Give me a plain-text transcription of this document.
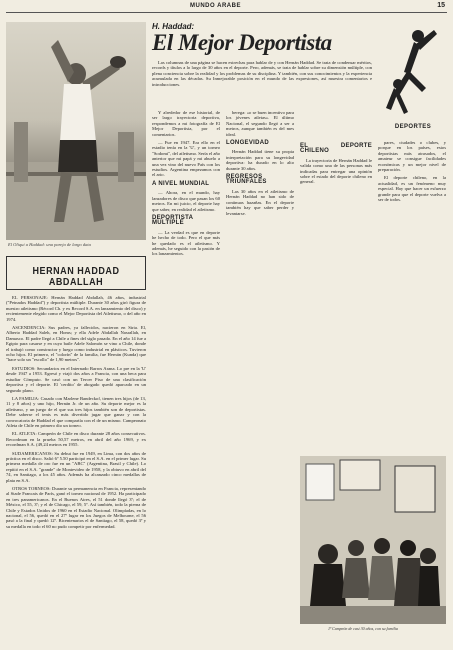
MUNDO ARABE	15
El Oliqui a Haddad: una pareja de largo data
H. Haddad:
El Mejor Deportista
DEPORTES
HERNAN HADDAD ABDALLAH

EL PERSONAJE: Hernán Haddad Abdallah, 46 años, industrial ("Peinados Haddad") y deportista múltiple. Durante 30 años giró figura de nuestro atletismo (Récord Ch. y ex Record S.A. en lanzamiento del disco) y recientemente elegido como el Mejor Deportista del Atletismo, o del año en 1974.

ASCENDENCIA: Sus padres, ya fallecidos, nacieron en Siria. El, Alberto Haddad Saleh, en Homs; y ella Adele Abdallah Nasrallah, en Damasco. El padre llegó a Chile a fines del siglo pasado. En el año 14 fue a Egipto para casarse y en cuyo baile Adele Salomón se vino a Chile, donde el trabajó como constructor y luego como industrial en plásticos. Tuvieron ocho hijos. El primero, el "colorín" de la familia, fue Hernán (Kunda) que "hace solo un "escollo" de 1,90 metros".

ESTUDIOS: Secundarios en el Internado Barros Arana. Lo pre en la 'U' desde 1947 a 1953. Egresó y viajó dos años a Francia, con una beca para estudiar Cómputo. Se casó con un Tercer Piso de una clasificación deportiva y el deporte. El 'cerdito' de abogado quedó aparcado en un segundo plano.

LA FAMILIA: Casado con Marlene Bandeckof, tienen tres hijos (de 13, 11 y 8 años) y uno hijo, Hernán Jr. de un año. Su deporte mejor es la atletismo, y un juego de el que sus tres hijos también son de deportistas. Debe saberse el tenis es más divertido jugar que ganar y con la convocatoria de Haddad el que compartía con el de un mismo. Campeonato Atleta de Chile en primero dio un torneo.

EL ATLETA: Campeón de Chile en disco durante 28 años consecutivos. Recordman en la prueba 50,57 metros, en abril del año 1969, y ex recordman S.A. (49,24 metros en 1955.

SUDAMERICANOS: Su debut fue en 1949, en Lima, con dos años de práctica en el disco. Salió 6º 5.50 participó en el S.A. en el primer lugar. Su primera medalla de oro fue en un "ABC" (Argentina, Brasil y Chile). Lo repitió en el S.A. "grande" de Montevideo de 1958, y la obtuvo en abril del 74, en Santiago, a los 45 años. Además ha alcanzado cinco medallas de plata en S.A.

OTROS TORNEOS: Durante su permanencia en Francia, representando al Stade Francais de París, ganó el torneo nacional de 1952. Ha participado en tres panamericanos. En el Buenos Aires, el 51 donde llegó 3º; el de México, el 55, 3º; y el de Chicago, el 59, 5º. Así también, todo la pierna de Chile y Estados Unidos de 1960 en el Estadio Nacional. Olimpíadas, en lo nacional, el 56, quedó en el 27º lugar en los Juegos de Melbourne, el 56 pasó a la final y quedó 12º. Bicentenarios el de Santiago, el 58, quedó 3º y su medalla en todo el 60 no pudo competir por enfermedad.

Las columnas de una página se hacen estrechas para hablar de y con Hernán Haddad. Se trata de condensar méritos, records y títulos a lo largo de 30 años en el deporte. Pero, además, se trata de hablar sobre su dimensión múltiple, con plena conciencia sobre la realidad y los problemas de su disciplina. Y también, con sus conocimientos y la experiencia acumulada en las décadas. Su Inmejorable posición en el mundo de las expresiones, así muestra comentarios e introducciones.

Y alrededor de ese historial, de ser largo trayectoria deportiva, respondemos a mi fotografía de El Mejor Deportista, por el comentarios.

— Fue en 1947. Era ello en el estadio tenía en la 'U', y un torneo "Sodomi", del atletismo. Sería el año anterior que mi papá y mi abuelo a una vez vino del nuevo País con los estudios. Argentina empezamos con el ario.

A NIVEL MUNDIAL

— Ahora, en el mundo, hay lanzadores de disco que pasan los 60 metros. En mi juicio, el deporte hay que saber, en realidad el atletismo.

DEPORTISTA MULTIPLE

— La verdad es que en deporte he hecho de todo. Pero el que más he quedado es el atletismo. Y además, he seguido con la pasión de los lanzamientos.

berega: «o se buen incentivo para los jóvenes atletas». El último Nacional, el segundo llegó a ser a metros, aunque también es del mes ideal.

LONGEVIDAD

Hernán Haddad tiene su propia interpretación para su longevidad deportiva: ha durado en lo alto durante 30 años.

REGRESOS TRIUNFALES

Las 30 años en el atletismo de Hernán Haddad no han sido de continuas hazañas. En el deporte también hay que saber perder y levantarse.

EL DEPORTE CHILENO

La trayectoria de Hernán Haddad le valida como una de las personas más indicadas para entregar una opinión sobre el estado del deporte chileno en general.

pares, ciudades o clubes, y porque en los países, estos deportistas más atrasados, el amateur se consigue facilidades económicas y un mejor nivel de preparación.

El deporte chileno, en la actualidad, es un fenómeno muy especial. Hay que hacer un esfuerzo grande para que el deporte vuelva a ser de todos.

1ª Campeón de casi 30 años, con su familia
